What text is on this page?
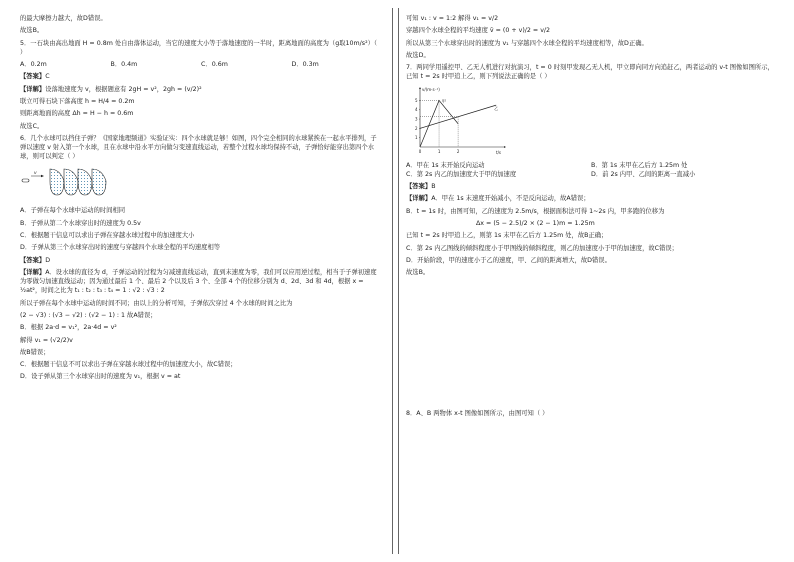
的最大摩擦力越大，故D错误。

故选B。

5．一石块由高出地面 H = 0.8m 处自由落体运动，当它的速度大小等于落地速度的一半时，距离地面的高度为（g取10m/s²）（ ）

A．0.2m	B．0.4m	C．0.6m	D．0.3m

【答案】C

【详解】设落地速度为 v，根据题意有 2gH = v²，2gh = (v/2)²

联立可得石块下落高度 h = H/4 = 0.2m

则距离地面的高度 Δh = H − h = 0.6m

故选C。

6．几个水球可以挡住子弹？《国家地理频道》实验证实：四个水球就足够！如图，四个完全相同的水球紧挨在一起水平排列，子弹以速度 v 射入第一个水球，且在水球中沿水平方向做匀变速直线运动，若整个过程水球均保持不动，子弹恰好能穿出第四个水球，则可以判定（ ）

v

A．子弹在每个水球中运动的时间相同

B．子弹从第二个水球穿出时的速度为 0.5v

C．根据题干信息可以求出子弹在穿越水球过程中的加速度大小

D．子弹从第三个水球穿出时的速度与穿越四个水球全程的平均速度相等

【答案】D

【详解】A．设水球的直径为 d，子弹运动的过程为匀减速直线运动，直到末速度为零，我们可以应用逆过程，相当于子弹初速度为零做匀加速直线运动；因为通过最后 1 个、最后 2 个以及后 3 个、全部 4 个的位移分别为 d、2d、3d 和 4d，根据 x = ½at²，时间之比为 t₁ : t₂ : t₃ : t₄ = 1 : √2 : √3 : 2

所以子弹在每个水球中运动的时间不同；由以上的分析可知，子弹依次穿过 4 个水球的时间之比为

(2 − √3) : (√3 − √2) : (√2 − 1) : 1 故A错误；

B．根据 2a·d = v₁²，2a·4d = v²

解得 v₁ = (√2/2)v

故B错误；

C．根据题干信息不可以求出子弹在穿越水球过程中的加速度大小，故C错误；

D．设子弹从第三个水球穿出时的速度为 v₁，根据 v = at

可知 v₁ : v = 1:2 解得 v₁ = v/2

穿越四个水球全程的平均速度 v̄ = (0 + v)/2 = v/2

所以从第三个水球穿出时的速度为 v₁ 与穿越四个水球全程的平均速度相等，故D正确。

故选D。

7．两同学用遥控甲、乙无人机进行对抗演习，t = 0 时刻甲发现乙无人机，甲立即向同方向追赶乙，两者运动的 v-t 图像如图所示，已知 t = 2s 时甲追上乙，则下列说法正确的是（ ）

v/(m·s⁻¹)
t/s
1
2
3
4
5
0	1	2
甲
乙
A．甲在 1s 末开始反向运动	B．第 1s 末甲在乙后方 1.25m 处
C．第 2s 内乙的加速度大于甲的加速度	D．前 2s 内甲、乙间的距离一直减小

【答案】B

【详解】A．甲在 1s 末速度开始减小，不是反向运动，故A错误；

B．t = 1s 时，由图可知，乙的速度为 2.5m/s，根据面积法可得 1~2s 内，甲多跑的位移为

Δx = (5 − 2.5)/2 × (2 − 1)m = 1.25m

已知 t = 2s 时甲追上乙，则第 1s 末甲在乙后方 1.25m 处，故B正确；

C．第 2s 内乙图线的倾斜程度小于甲图线的倾斜程度，则乙的加速度小于甲的加速度，故C错误；

D．开始阶段，甲的速度小于乙的速度，甲、乙间的距离增大，故D错误。

故选B。

8．A、B 两物体 x-t 图像如图所示，由图可知（ ）
